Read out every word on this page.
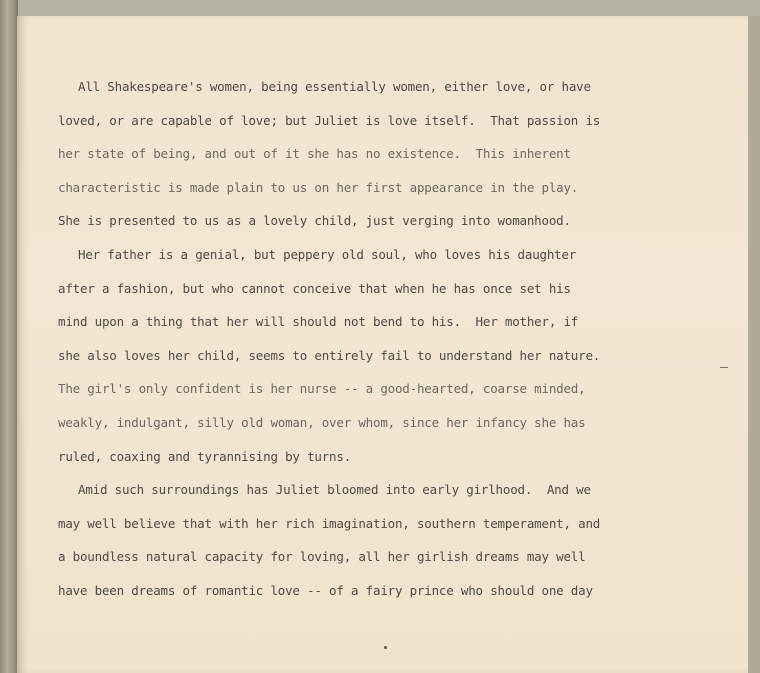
All Shakespeare's women, being essentially women, either love, or have
loved, or are capable of love; but Juliet is love itself.  That passion is
her state of being, and out of it she has no existence.  This inherent
characteristic is made plain to us on her first appearance in the play.
She is presented to us as a lovely child, just verging into womanhood.
Her father is a genial, but peppery old soul, who loves his daughter
after a fashion, but who cannot conceive that when he has once set his
mind upon a thing that her will should not bend to his.  Her mother, if
she also loves her child, seems to entirely fail to understand her nature.
The girl's only confident is her nurse -- a good-hearted, coarse minded,
weakly, indulgant, silly old woman, over whom, since her infancy she has
ruled, coaxing and tyrannising by turns.
Amid such surroundings has Juliet bloomed into early girlhood.  And we
may well believe that with her rich imagination, southern temperament, and
a boundless natural capacity for loving, all her girlish dreams may well
have been dreams of romantic love -- of a fairy prince who should one day
